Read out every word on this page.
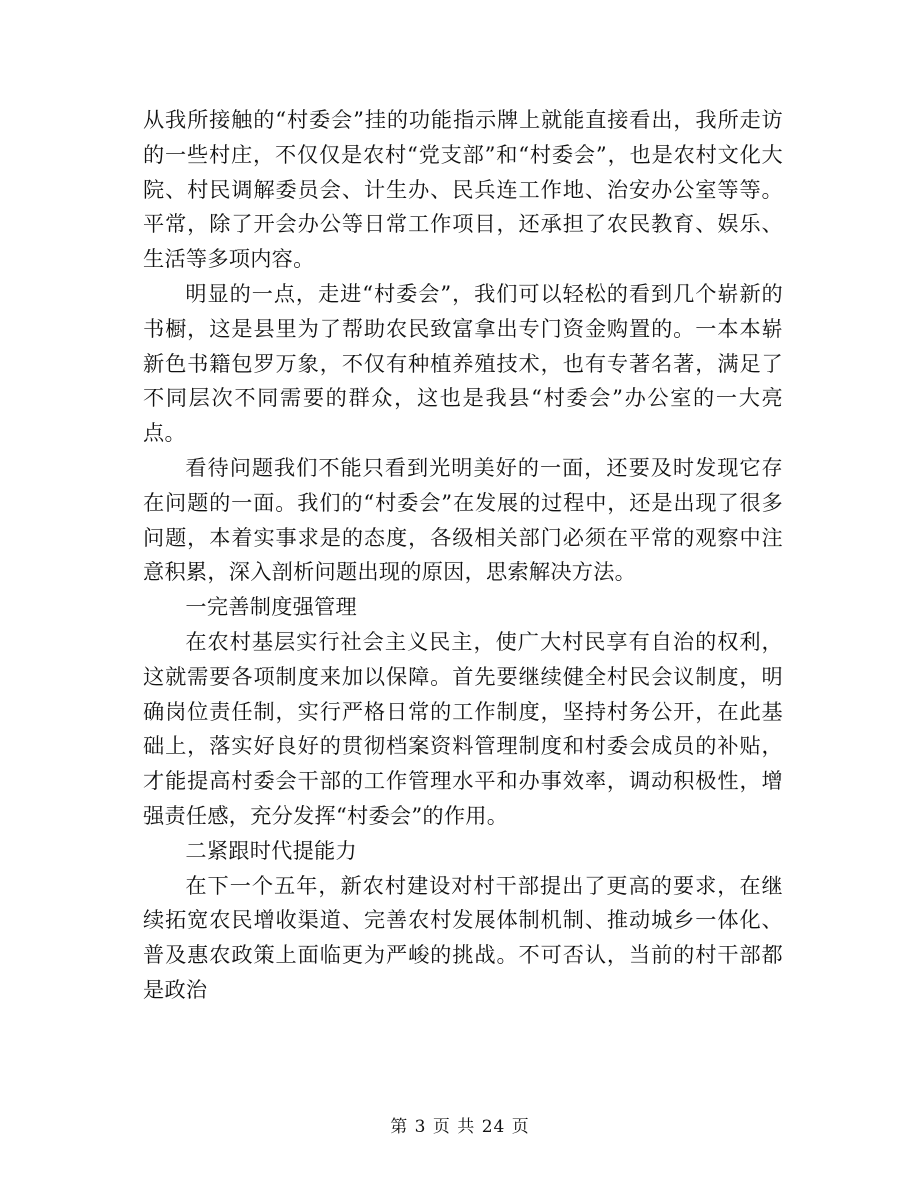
从我所接触的“村委会”挂的功能指示牌上就能直接看出，我所走访的一些村庄，不仅仅是农村“党支部”和“村委会”，也是农村文化大院、村民调解委员会、计生办、民兵连工作地、治安办公室等等。平常，除了开会办公等日常工作项目，还承担了农民教育、娱乐、生活等多项内容。

明显的一点，走进“村委会”，我们可以轻松的看到几个崭新的书橱，这是县里为了帮助农民致富拿出专门资金购置的。一本本崭新色书籍包罗万象，不仅有种植养殖技术，也有专著名著，满足了不同层次不同需要的群众，这也是我县“村委会”办公室的一大亮点。

看待问题我们不能只看到光明美好的一面，还要及时发现它存在问题的一面。我们的“村委会”在发展的过程中，还是出现了很多问题，本着实事求是的态度，各级相关部门必须在平常的观察中注意积累，深入剖析问题出现的原因，思索解决方法。

一完善制度强管理

在农村基层实行社会主义民主，使广大村民享有自治的权利，这就需要各项制度来加以保障。首先要继续健全村民会议制度，明确岗位责任制，实行严格日常的工作制度，坚持村务公开，在此基础上，落实好良好的贯彻档案资料管理制度和村委会成员的补贴，才能提高村委会干部的工作管理水平和办事效率，调动积极性，增强责任感，充分发挥“村委会”的作用。

二紧跟时代提能力

在下一个五年，新农村建设对村干部提出了更高的要求，在继续拓宽农民增收渠道、完善农村发展体制机制、推动城乡一体化、普及惠农政策上面临更为严峻的挑战。不可否认，当前的村干部都是政治

第 3 页 共 24 页
